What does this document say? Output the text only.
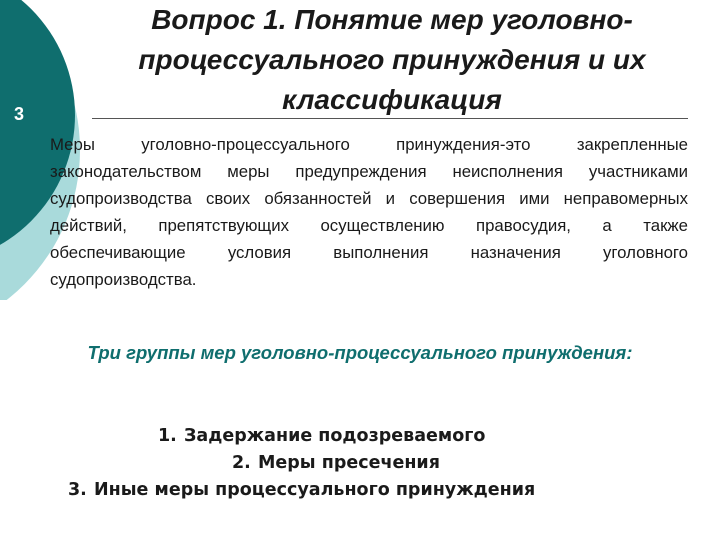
3
Вопрос 1. Понятие мер уголовно-процессуального принуждения и их классификация
Меры уголовно-процессуального принуждения-это закрепленные законодательством меры предупреждения неисполнения участниками судопроизводства своих обязанностей и совершения ими неправомерных действий, препятствующих осуществлению правосудия, а также обеспечивающие условия выполнения назначения уголовного судопроизводства.
Три группы мер уголовно-процессуального принуждения:
1. Задержание подозреваемого
2. Меры пресечения
3. Иные меры процессуального принуждения
